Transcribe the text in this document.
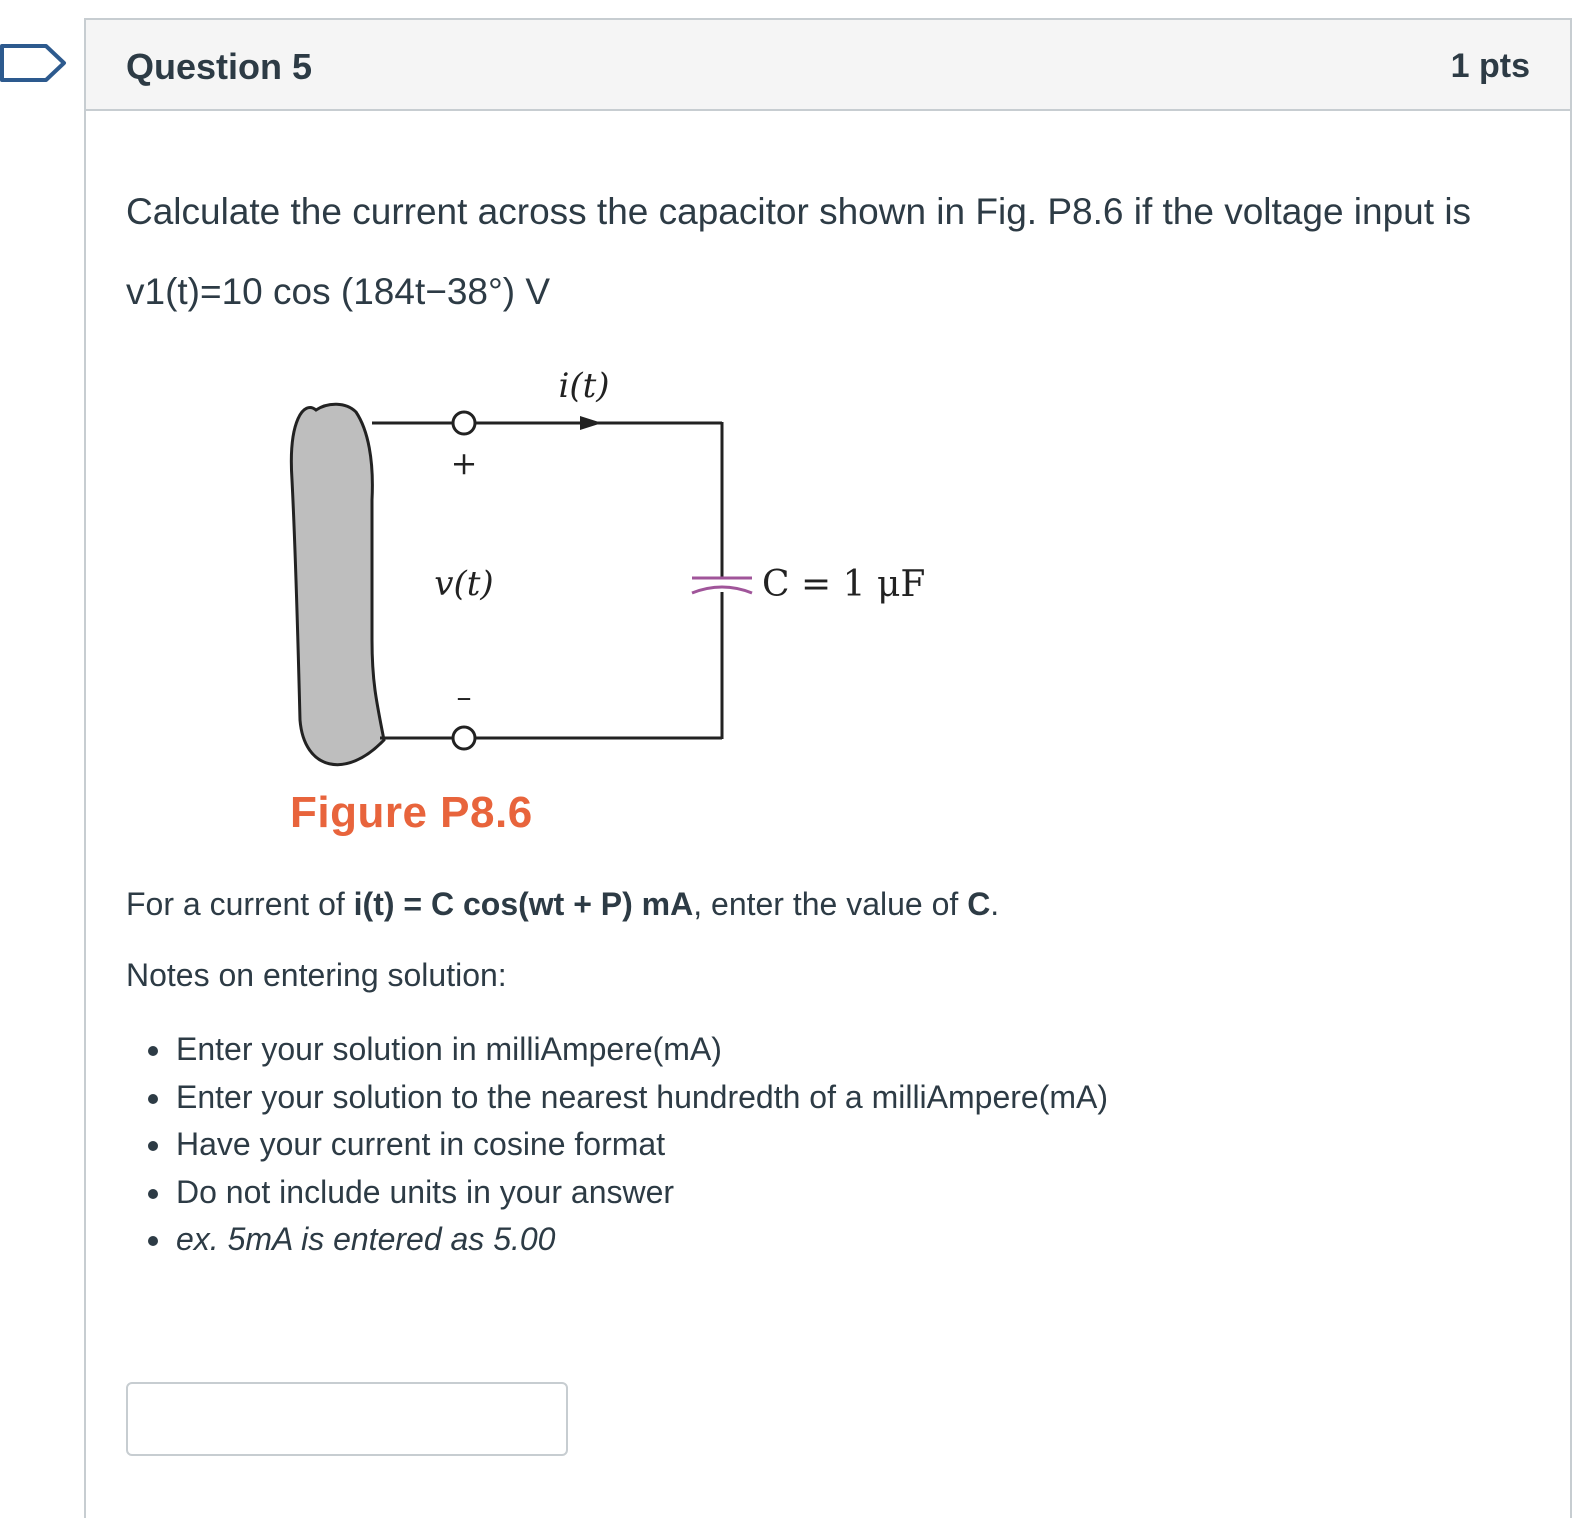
Question 5	1 pts
Calculate the current across the capacitor shown in Fig. P8.6 if the voltage input is
v1(t)=10 cos (184t−38°) V
i(t)
+
v(t)
–
C = 1 μF
Figure P8.6
For a current of i(t) = C cos(wt + P) mA, enter the value of C.
Notes on entering solution:
Enter your solution in milliAmpere(mA)
Enter your solution to the nearest hundredth of a milliAmpere(mA)
Have your current in cosine format
Do not include units in your answer
ex. 5mA is entered as 5.00
